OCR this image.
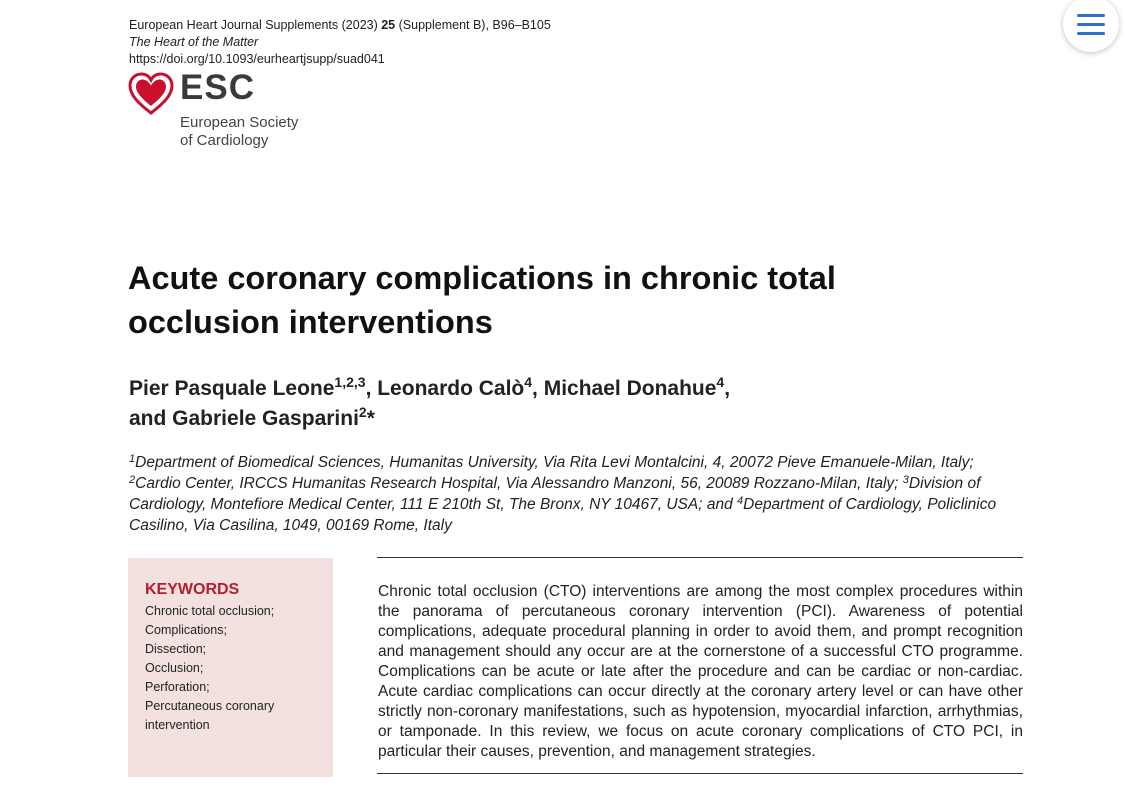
European Heart Journal Supplements (2023) 25 (Supplement B), B96–B105
The Heart of the Matter
https://doi.org/10.1093/eurheartjsupp/suad041
ESC
European Society
of Cardiology
Acute coronary complications in chronic total
occlusion interventions
Pier Pasquale Leone$^{1,2,3}$, Leonardo Calò$^4$, Michael Donahue$^4$,
and Gabriele Gasparini$^2$*
$^1$Department of Biomedical Sciences, Humanitas University, Via Rita Levi Montalcini, 4, 20072 Pieve Emanuele-Milan, Italy; $^2$Cardio Center, IRCCS Humanitas Research Hospital, Via Alessandro Manzoni, 56, 20089 Rozzano-Milan, Italy; $^3$Division of Cardiology, Montefiore Medical Center, 111 E 210th St, The Bronx, NY 10467, USA; and $^4$Department of Cardiology, Policlinico Casilino, Via Casilina, 1049, 00169 Rome, Italy
KEYWORDS
Chronic total occlusion;
Complications;
Dissection;
Occlusion;
Perforation;
Percutaneous coronary intervention
Chronic total occlusion (CTO) interventions are among the most complex procedures within the panorama of percutaneous coronary intervention (PCI). Awareness of potential complications, adequate procedural planning in order to avoid them, and prompt recognition and management should any occur are at the cornerstone of a successful CTO programme. Complications can be acute or late after the procedure and can be cardiac or non-cardiac. Acute cardiac complications can occur directly at the coronary artery level or can have other strictly non-coronary manifestations, such as hypotension, myocardial infarction, arrhythmias, or tamponade. In this review, we focus on acute coronary complications of CTO PCI, in particular their causes, prevention, and management strategies.
